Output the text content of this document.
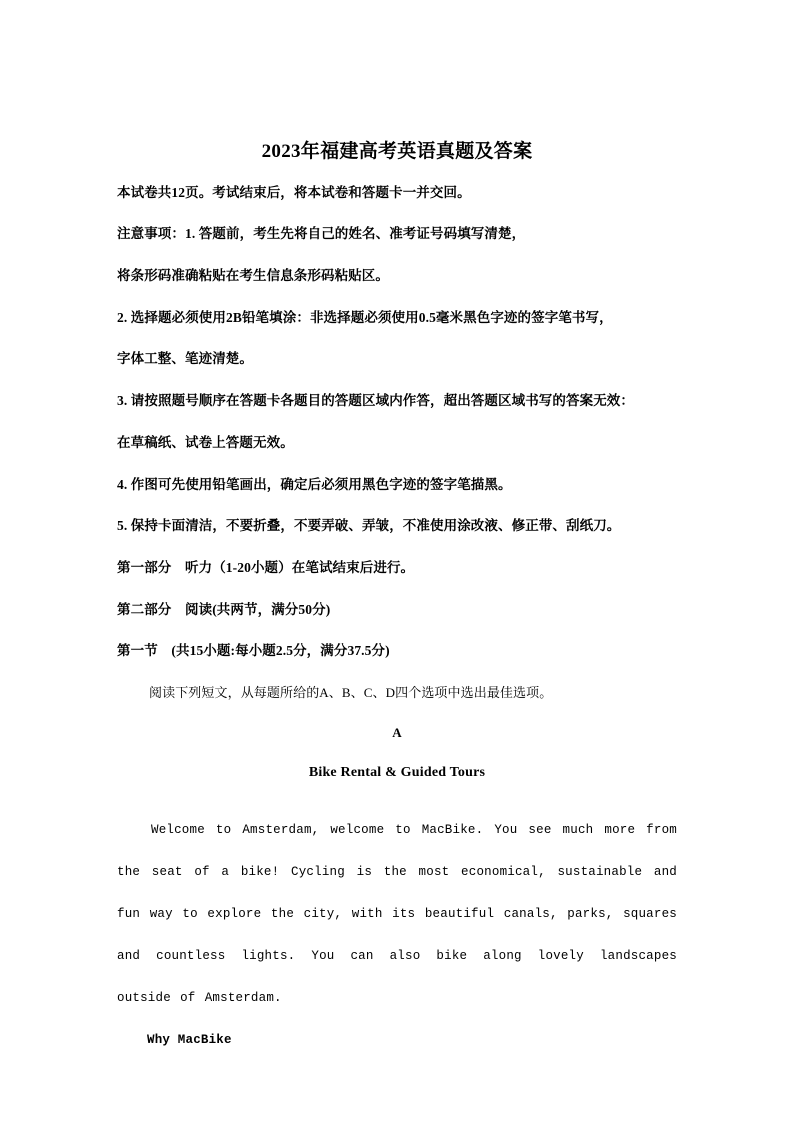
2023年福建高考英语真题及答案

本试卷共12页。考试结束后，将本试卷和答题卡一并交回。

注意事项：1. 答题前，考生先将自己的姓名、准考证号码填写清楚，

将条形码准确粘贴在考生信息条形码粘贴区。

2. 选择题必须使用2B铅笔填涂：非选择题必须使用0.5毫米黑色字迹的签字笔书写，

字体工整、笔迹清楚。

3. 请按照题号顺序在答题卡各题目的答题区域内作答，超出答题区域书写的答案无效：

在草稿纸、试卷上答题无效。

4. 作图可先使用铅笔画出，确定后必须用黑色字迹的签字笔描黑。

5. 保持卡面清洁，不要折叠，不要弄破、弄皱，不准使用涂改液、修正带、刮纸刀。

第一部分　听力（1-20小题）在笔试结束后进行。

第二部分　阅读(共两节，满分50分)

第一节　(共15小题:每小题2.5分，满分37.5分)

阅读下列短文，从每题所给的A、B、C、D四个选项中选出最佳选项。

A

Bike Rental & Guided Tours

Welcome to Amsterdam, welcome to MacBike. You see much more from the seat of a bike! Cycling is the most economical, sustainable and fun way to explore the city, with its beautiful canals, parks, squares and countless lights. You can also bike along lovely landscapes outside of Amsterdam.

Why MacBike
